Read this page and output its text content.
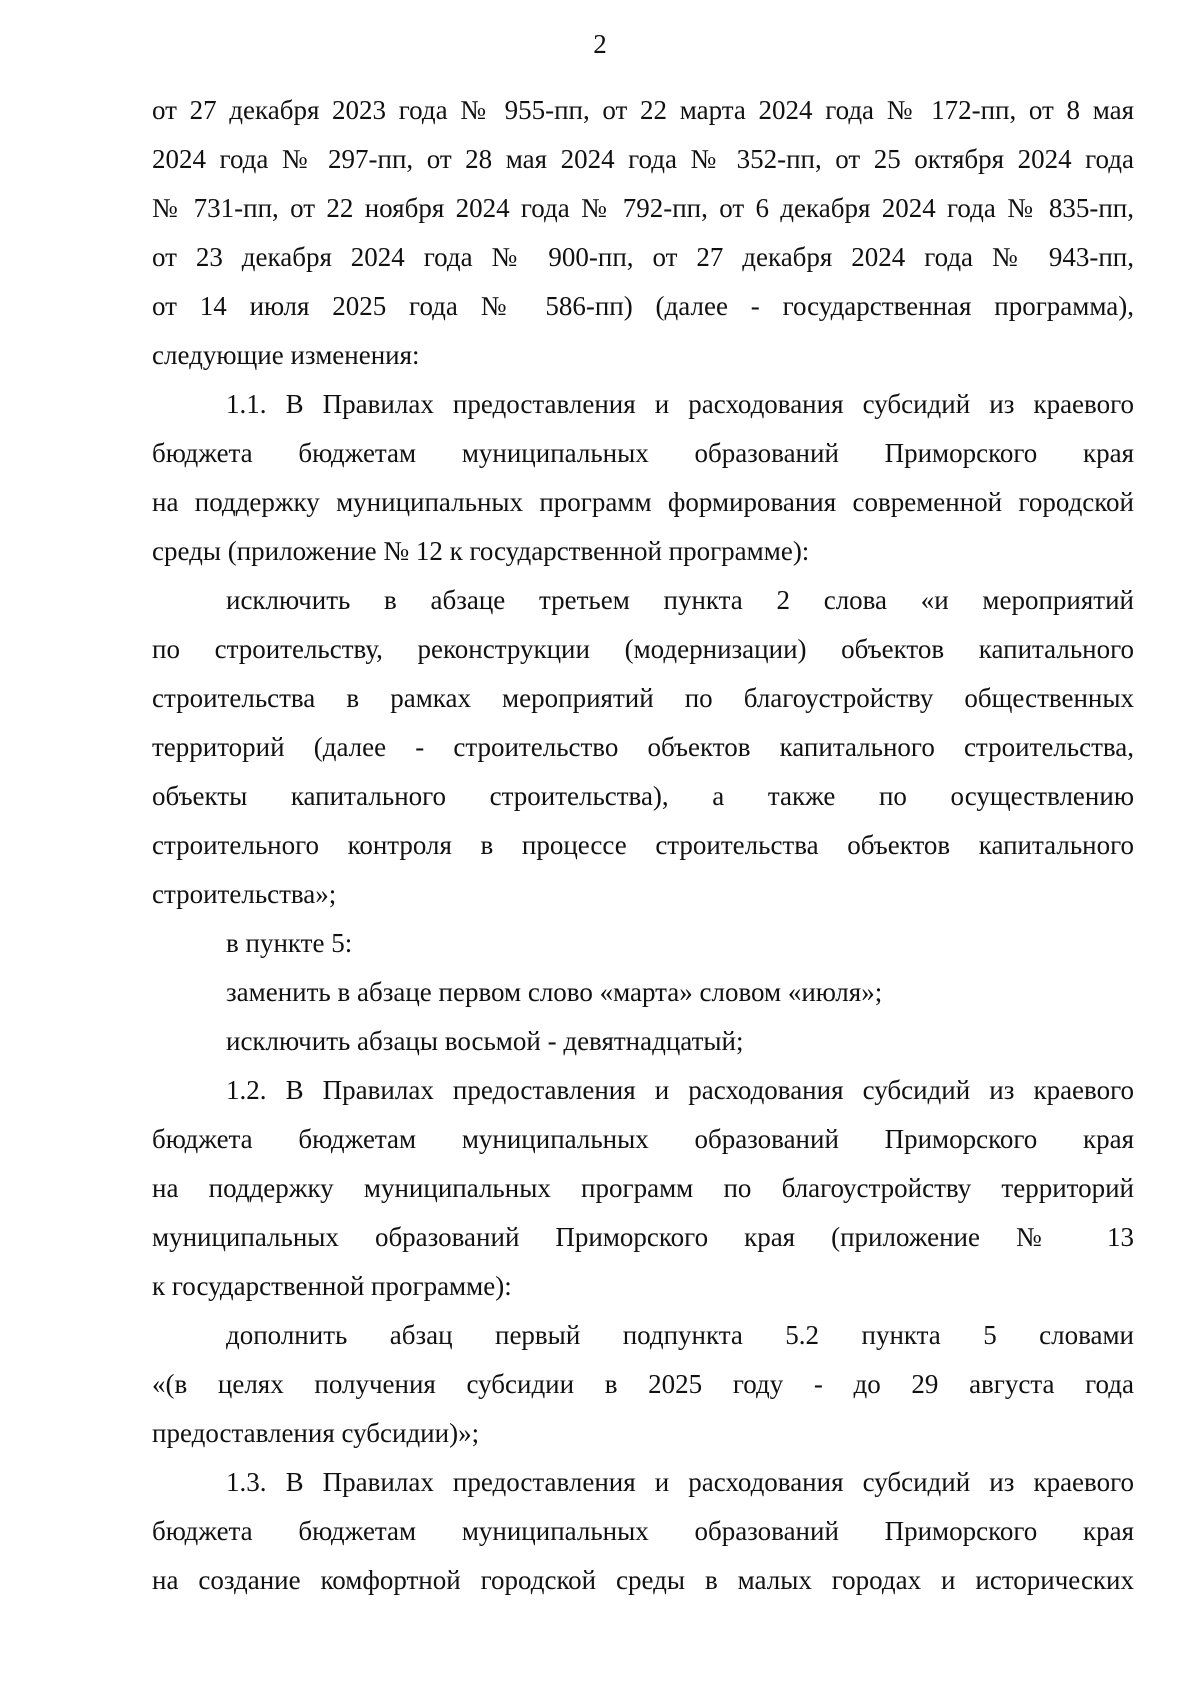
2
от 27 декабря 2023 года № 955-пп, от 22 марта 2024 года № 172-пп, от 8 мая
2024 года № 297-пп, от 28 мая 2024 года № 352-пп, от 25 октября 2024 года
№ 731-пп, от 22 ноября 2024 года № 792-пп, от 6 декабря 2024 года № 835-пп,
от 23 декабря 2024 года № 900-пп, от 27 декабря 2024 года № 943-пп,
от 14 июля 2025 года № 586-пп) (далее - государственная программа),
следующие изменения:
1.1. В Правилах предоставления и расходования субсидий из краевого
бюджета бюджетам муниципальных образований Приморского края
на поддержку муниципальных программ формирования современной городской
среды (приложение № 12 к государственной программе):
исключить в абзаце третьем пункта 2 слова «и мероприятий
по строительству, реконструкции (модернизации) объектов капитального
строительства в рамках мероприятий по благоустройству общественных
территорий (далее - строительство объектов капитального строительства,
объекты капитального строительства), а также по осуществлению
строительного контроля в процессе строительства объектов капитального
строительства»;
в пункте 5:
заменить в абзаце первом слово «марта» словом «июля»;
исключить абзацы восьмой - девятнадцатый;
1.2. В Правилах предоставления и расходования субсидий из краевого
бюджета бюджетам муниципальных образований Приморского края
на поддержку муниципальных программ по благоустройству территорий
муниципальных образований Приморского края (приложение № 13
к государственной программе):
дополнить абзац первый подпункта 5.2 пункта 5 словами
«(в целях получения субсидии в 2025 году - до 29 августа года
предоставления субсидии)»;
1.3. В Правилах предоставления и расходования субсидий из краевого
бюджета бюджетам муниципальных образований Приморского края
на создание комфортной городской среды в малых городах и исторических
